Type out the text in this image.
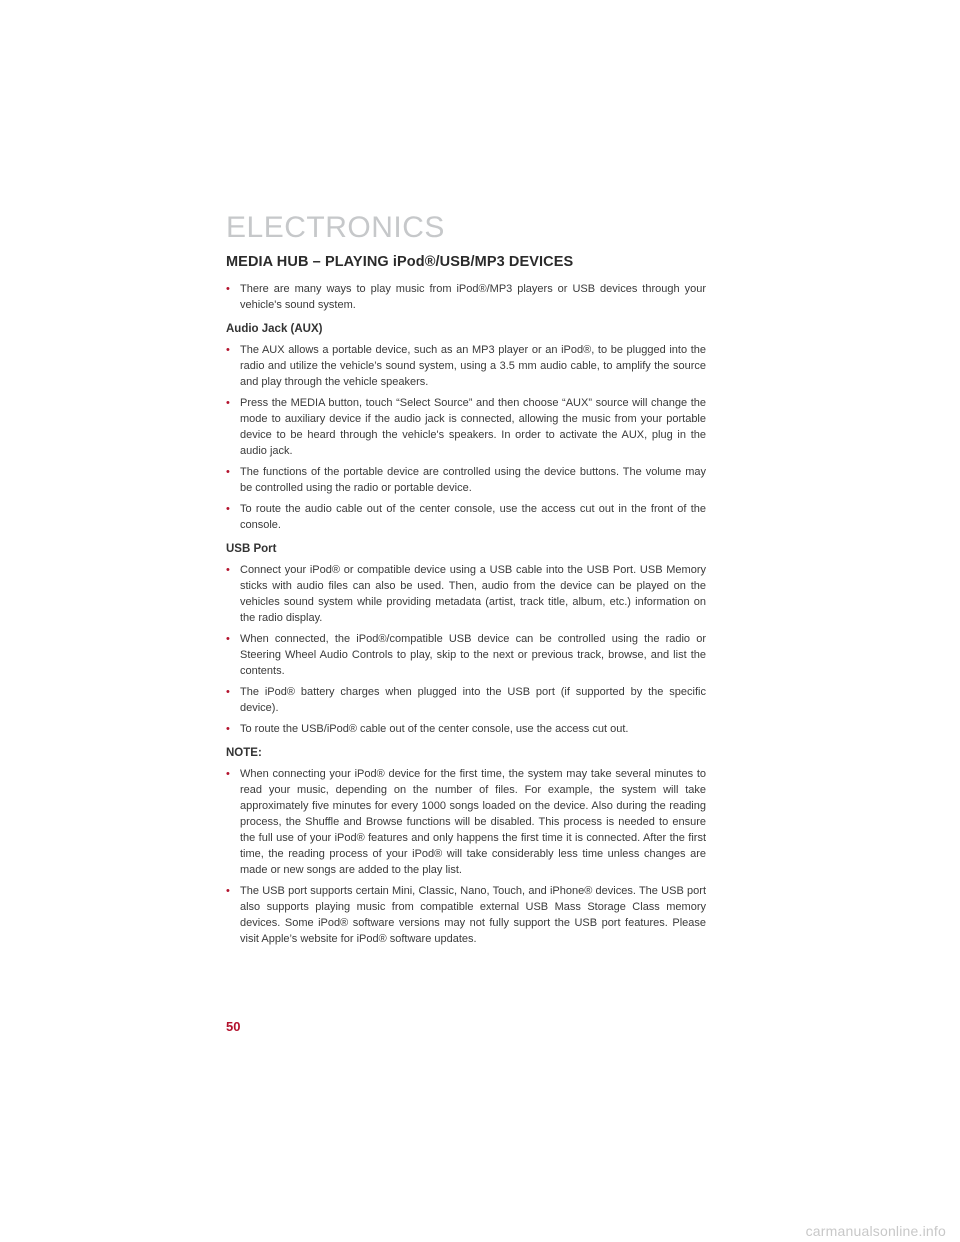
ELECTRONICS
MEDIA HUB – PLAYING iPod®/USB/MP3 DEVICES
• There are many ways to play music from iPod®/MP3 players or USB devices through your vehicle's sound system.
Audio Jack (AUX)
• The AUX allows a portable device, such as an MP3 player or an iPod®, to be plugged into the radio and utilize the vehicle’s sound system, using a 3.5 mm audio cable, to amplify the source and play through the vehicle speakers.
• Press the MEDIA button, touch “Select Source” and then choose “AUX” source will change the mode to auxiliary device if the audio jack is connected, allowing the music from your portable device to be heard through the vehicle's speakers. In order to activate the AUX, plug in the audio jack.
• The functions of the portable device are controlled using the device buttons. The volume may be controlled using the radio or portable device.
• To route the audio cable out of the center console, use the access cut out in the front of the console.
USB Port
• Connect your iPod® or compatible device using a USB cable into the USB Port. USB Memory sticks with audio files can also be used. Then, audio from the device can be played on the vehicles sound system while providing metadata (artist, track title, album, etc.) information on the radio display.
• When connected, the iPod®/compatible USB device can be controlled using the radio or Steering Wheel Audio Controls to play, skip to the next or previous track, browse, and list the contents.
• The iPod® battery charges when plugged into the USB port (if supported by the specific device).
• To route the USB/iPod® cable out of the center console, use the access cut out.
NOTE:
• When connecting your iPod® device for the first time, the system may take several minutes to read your music, depending on the number of files. For example, the system will take approximately five minutes for every 1000 songs loaded on the device. Also during the reading process, the Shuffle and Browse functions will be disabled. This process is needed to ensure the full use of your iPod® features and only happens the first time it is connected. After the first time, the reading process of your iPod® will take considerably less time unless changes are made or new songs are added to the play list.
• The USB port supports certain Mini, Classic, Nano, Touch, and iPhone® devices. The USB port also supports playing music from compatible external USB Mass Storage Class memory devices. Some iPod® software versions may not fully support the USB port features. Please visit Apple’s website for iPod® software updates.
50
carmanualsonline.info
